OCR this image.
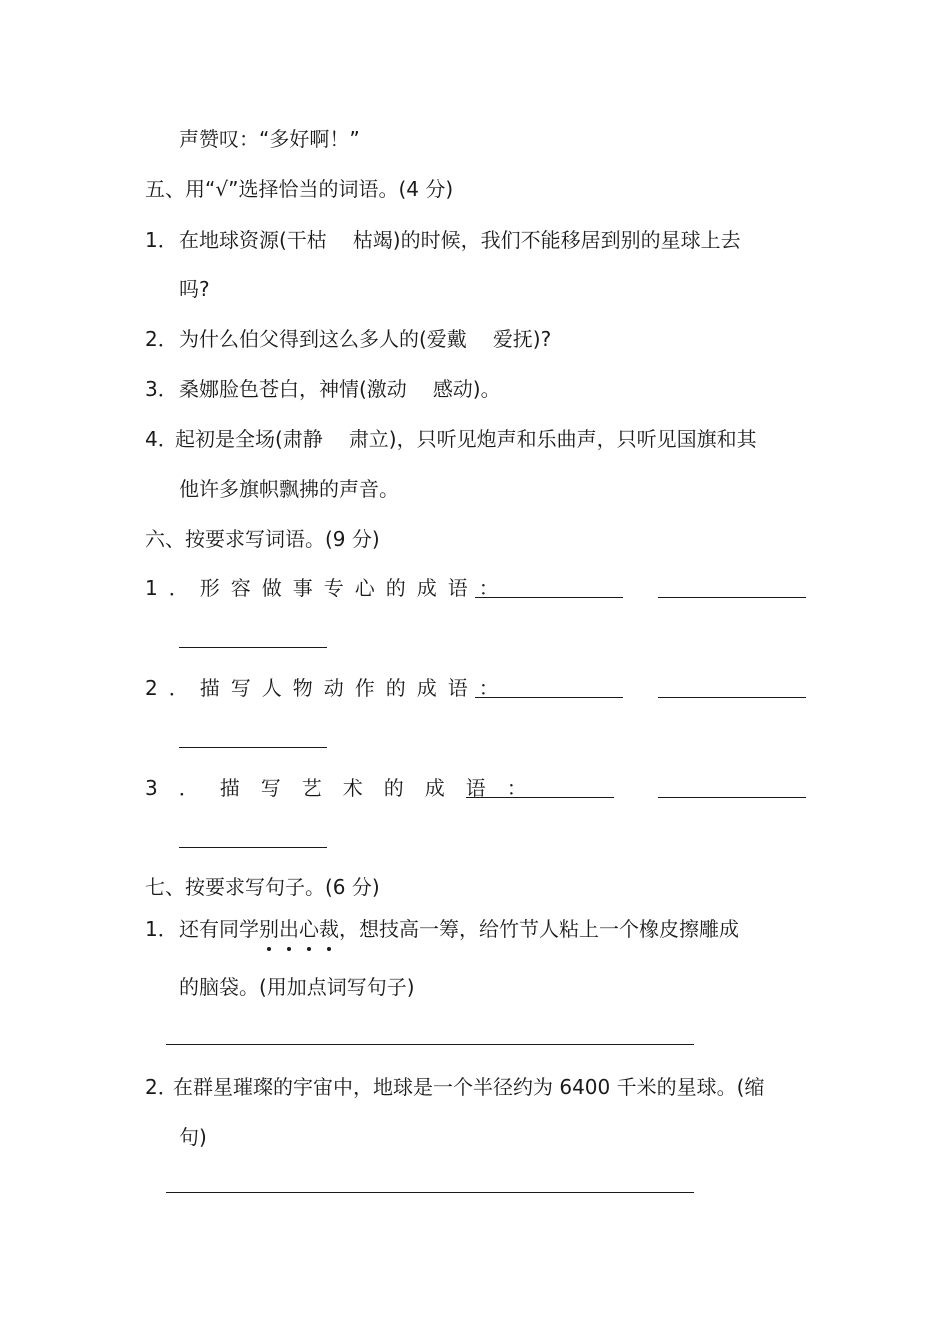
声赞叹：“多好啊！”
五、用“√”选择恰当的词语。(4 分)
1．在地球资源(干枯 枯竭)的时候，我们不能移居到别的星球上去
吗?
2．为什么伯父得到这么多人的(爱戴 爱抚)?
3．桑娜脸色苍白，神情(激动 感动)。
4．起初是全场(肃静 肃立)，只听见炮声和乐曲声，只听见国旗和其
他许多旗帜飘拂的声音。
六、按要求写词语。(9 分)
1．形容做事专心的成语：
2．描写人物动作的成语：
3．描写艺术的成语：
七、按要求写句子。(6 分)
1．还有同学别出心裁，想技高一筹，给竹节人粘上一个橡皮擦雕成
的脑袋。(用加点词写句子)
2．在群星璀璨的宇宙中，地球是一个半径约为 6400 千米的星球。(缩
句)
